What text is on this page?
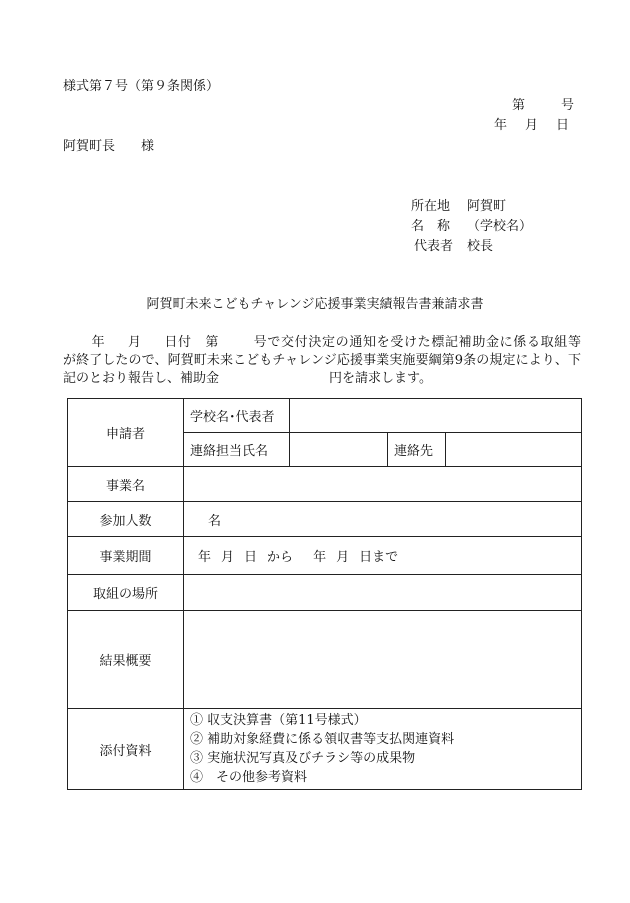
様式第７号（第９条関係）
第	号
年 月 日
阿賀町長 様
所在地	阿賀町
名　称	（学校名）
代表者	校長
阿賀町未来こどもチャレンジ応援事業実績報告書兼請求書
年 月 日付　第	号で交付決定の通知を受けた標記補助金に係る取組等
が終了したので、阿賀町未来こどもチャレンジ応援事業実施要綱第9条の規定により、下
記のとおり報告し、補助金	円を請求します。
申請者	学校名･代表者			
	連絡担当氏名		連絡先	
事業名				
参加人数	名			
事業期間	年 月 日 から 年 月 日まで			
取組の場所				
結果概要				
添付資料	① 収支決算書（第11号様式）
② 補助対象経費に係る領収書等支払関連資料
③ 実施状況写真及びチラシ等の成果物
④　その他参考資料			
